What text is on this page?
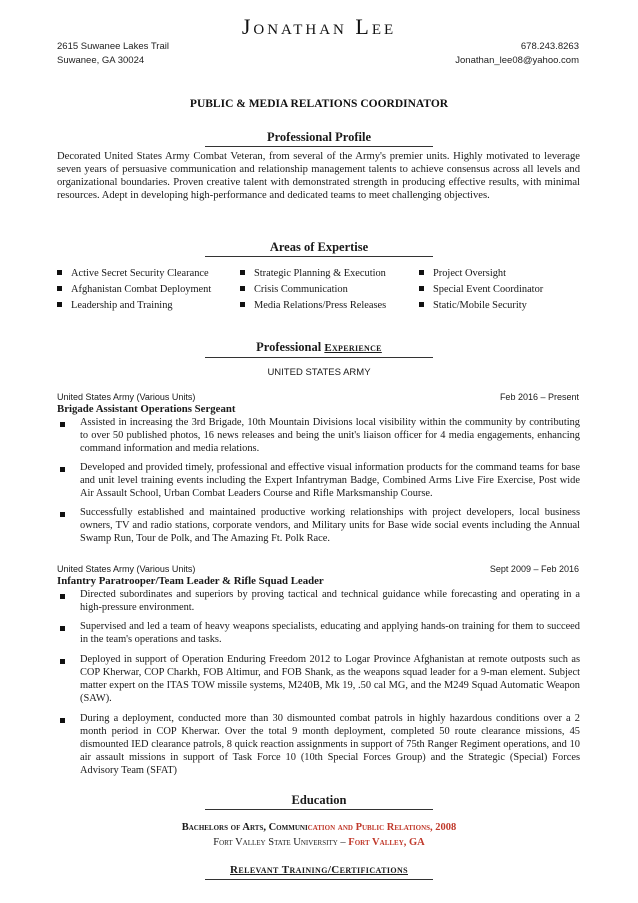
Jonathan Lee
2615 Suwanee Lakes Trail
Suwanee, GA 30024
678.243.8263
Jonathan_lee08@yahoo.com
PUBLIC & MEDIA RELATIONS COORDINATOR
Professional Profile
Decorated United States Army Combat Veteran, from several of the Army's premier units. Highly motivated to leverage seven years of persuasive communication and relationship management talents to achieve consensus across all levels and organizational boundaries. Proven creative talent with demonstrated strength in producing effective results, with minimal resources. Adept in developing high-performance and dedicated teams to meet challenging objectives.
Areas of Expertise
Active Secret Security Clearance
Afghanistan Combat Deployment
Leadership and Training
Strategic Planning & Execution
Crisis Communication
Media Relations/Press Releases
Project Oversight
Special Event Coordinator
Static/Mobile Security
Professional Experience
UNITED STATES ARMY
United States Army (Various Units)	Feb 2016 – Present
Brigade Assistant Operations Sergeant
Assisted in increasing the 3rd Brigade, 10th Mountain Divisions local visibility within the community by contributing to over 50 published photos, 16 news releases and being the unit's liaison officer for 4 media engagements, enhancing command information and media relations.
Developed and provided timely, professional and effective visual information products for the command teams for base and unit level training events including the Expert Infantryman Badge, Combined Arms Live Fire Exercise, Post wide Air Assault School, Urban Combat Leaders Course and Rifle Marksmanship Course.
Successfully established and maintained productive working relationships with project developers, local business owners, TV and radio stations, corporate vendors, and Military units for Base wide social events including the Annual Swamp Run, Tour de Polk, and The Amazing Ft. Polk Race.
United States Army (Various Units)	Sept 2009 – Feb 2016
Infantry Paratrooper/Team Leader & Rifle Squad Leader
Directed subordinates and superiors by proving tactical and technical guidance while forecasting and operating in a high-pressure environment.
Supervised and led a team of heavy weapons specialists, educating and applying hands-on training for them to succeed in the team's operations and tasks.
Deployed in support of Operation Enduring Freedom 2012 to Logar Province Afghanistan at remote outposts such as COP Kherwar, COP Charkh, FOB Altimur, and FOB Shank, as the weapons squad leader for a 9-man element. Subject matter expert on the ITAS TOW missile systems, M240B, Mk 19, .50 cal MG, and the M249 Squad Automatic Weapon (SAW).
During a deployment, conducted more than 30 dismounted combat patrols in highly hazardous conditions over a 2 month period in COP Kherwar. Over the total 9 month deployment, completed 50 route clearance missions, 45 dismounted IED clearance patrols, 8 quick reaction assignments in support of 75th Ranger Regiment operations, and 10 air assault missions in support of Task Force 10 (10th Special Forces Group) and the Strategic (Special) Forces Advisory Team (SFAT)
Education
Bachelors of Arts, Communication and Public Relations, 2008
Fort Valley State University – Fort Valley, GA
Relevant Training/Certifications
